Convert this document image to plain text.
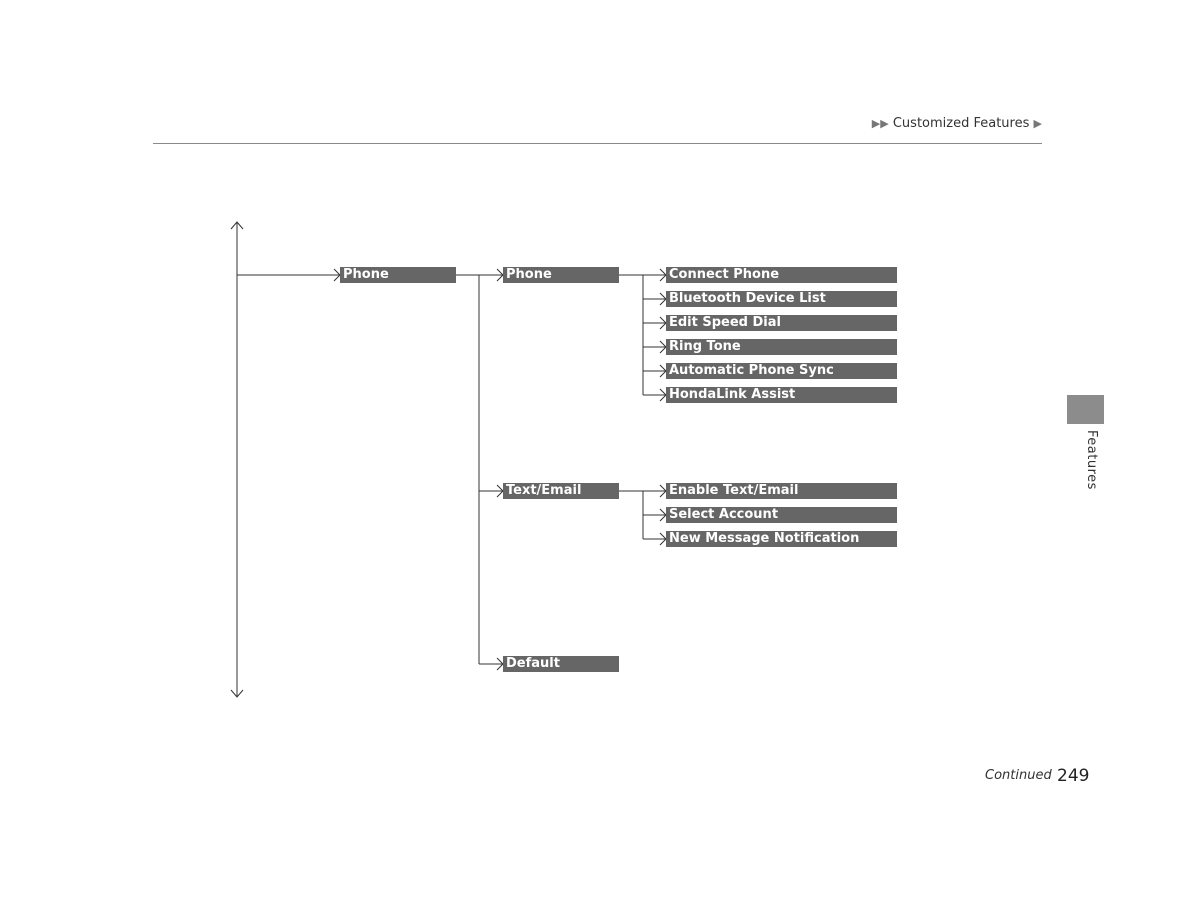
▶▶ Customized Features ▶
Features
Phone	Phone
Text/Email
Default
Connect Phone
Bluetooth Device List
Edit Speed Dial
Ring Tone
Automatic Phone Sync
HondaLink Assist
Enable Text/Email
Select Account
New Message Notification
Continued 249
